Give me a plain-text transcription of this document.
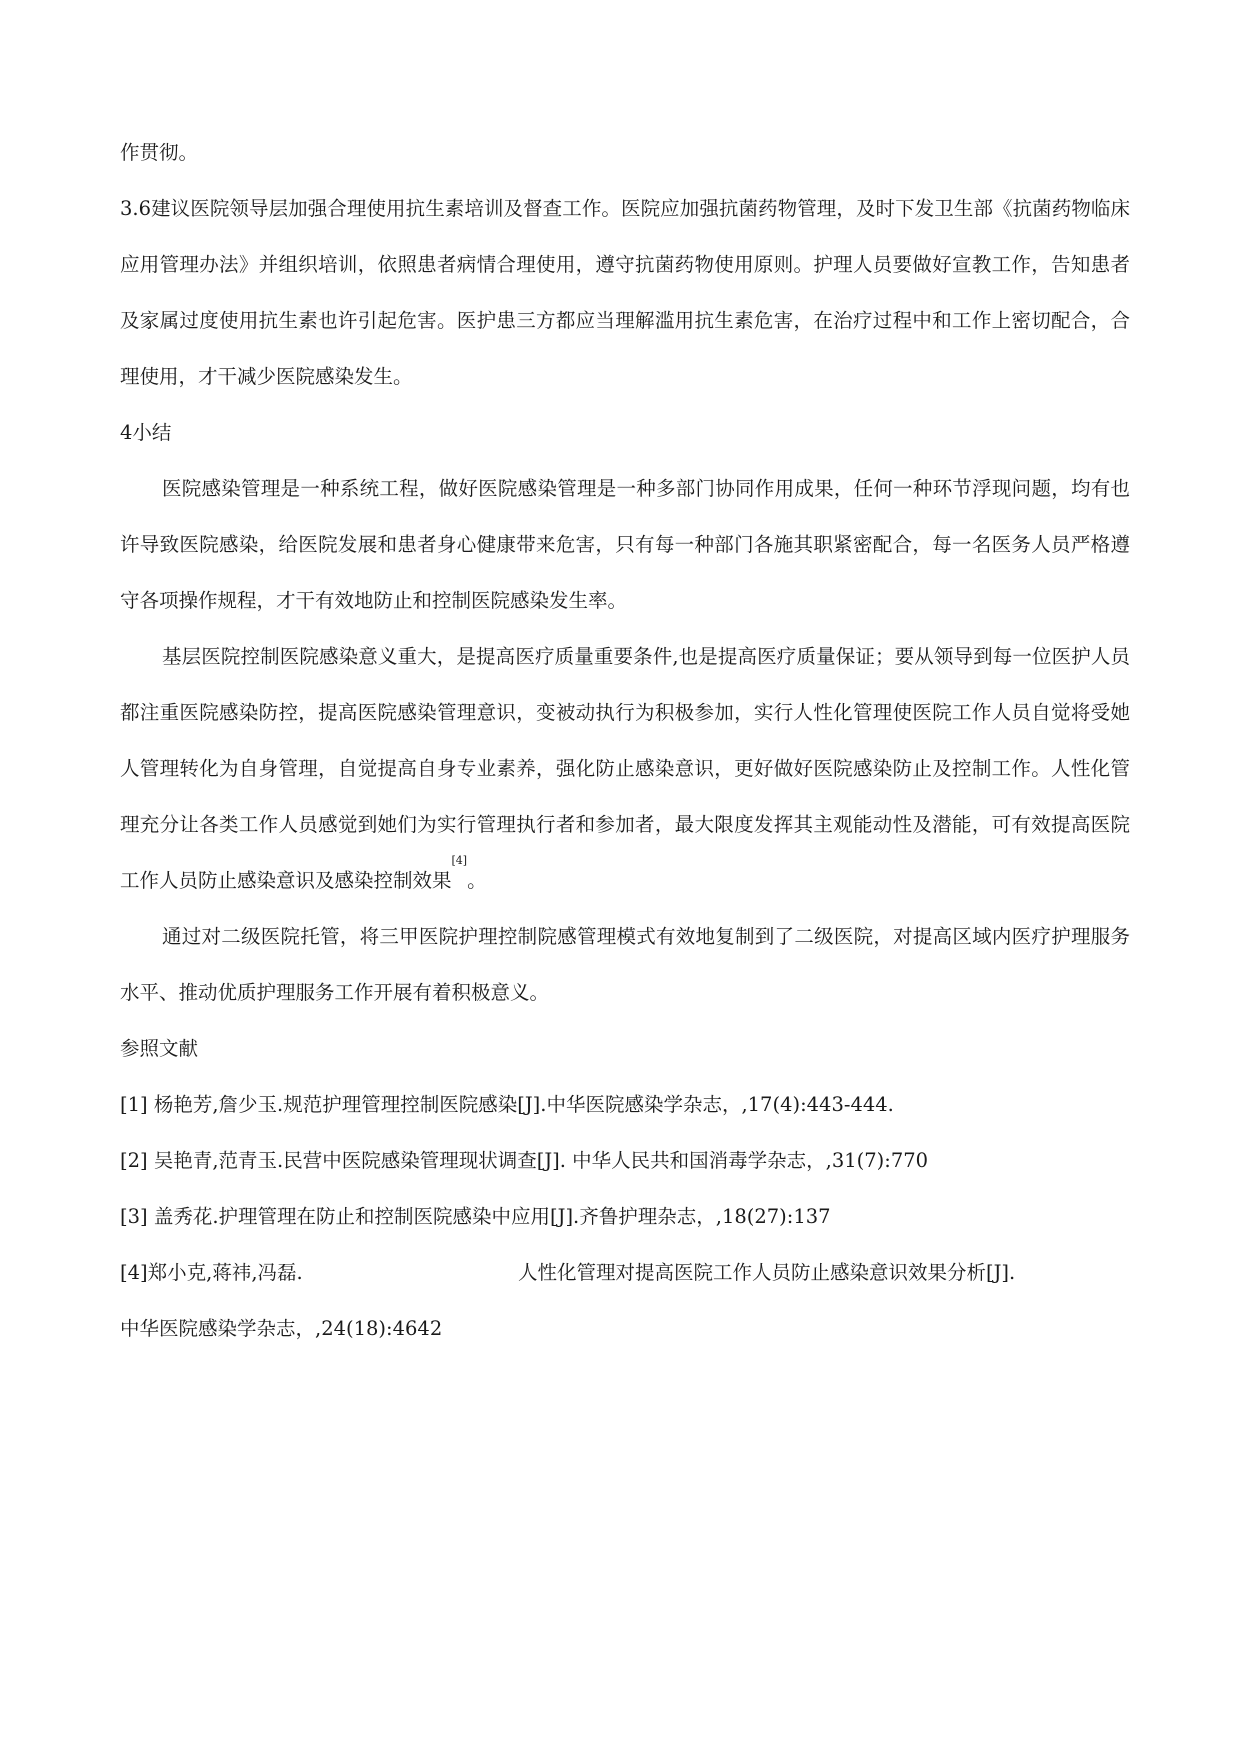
作贯彻。

3.6建议医院领导层加强合理使用抗生素培训及督查工作。医院应加强抗菌药物管理，及时下发卫生部《抗菌药物临床应用管理办法》并组织培训，依照患者病情合理使用，遵守抗菌药物使用原则。护理人员要做好宣教工作，告知患者及家属过度使用抗生素也许引起危害。医护患三方都应当理解滥用抗生素危害，在治疗过程中和工作上密切配合，合理使用，才干减少医院感染发生。

4小结

医院感染管理是一种系统工程，做好医院感染管理是一种多部门协同作用成果，任何一种环节浮现问题，均有也许导致医院感染，给医院发展和患者身心健康带来危害，只有每一种部门各施其职紧密配合，每一名医务人员严格遵守各项操作规程，才干有效地防止和控制医院感染发生率。

基层医院控制医院感染意义重大，是提高医疗质量重要条件,也是提高医疗质量保证；要从领导到每一位医护人员都注重医院感染防控，提高医院感染管理意识，变被动执行为积极参加，实行人性化管理使医院工作人员自觉将受她人管理转化为自身管理，自觉提高自身专业素养，强化防止感染意识，更好做好医院感染防止及控制工作。人性化管理充分让各类工作人员感觉到她们为实行管理执行者和参加者，最大限度发挥其主观能动性及潜能，可有效提高医院工作人员防止感染意识及感染控制效果[4]。

通过对二级医院托管，将三甲医院护理控制院感管理模式有效地复制到了二级医院，对提高区域内医疗护理服务水平、推动优质护理服务工作开展有着积极意义。

参照文献

[1] 杨艳芳,詹少玉.规范护理管理控制医院感染[J].中华医院感染学杂志，,17(4):443-444.

[2] 吴艳青,范青玉.民营中医院感染管理现状调查[J]. 中华人民共和国消毒学杂志，,31(7):770

[3] 盖秀花.护理管理在防止和控制医院感染中应用[J].齐鲁护理杂志，,18(27):137

[4]郑小克,蒋祎,冯磊.	人性化管理对提高医院工作人员防止感染意识效果分析[J].

中华医院感染学杂志，,24(18):4642
